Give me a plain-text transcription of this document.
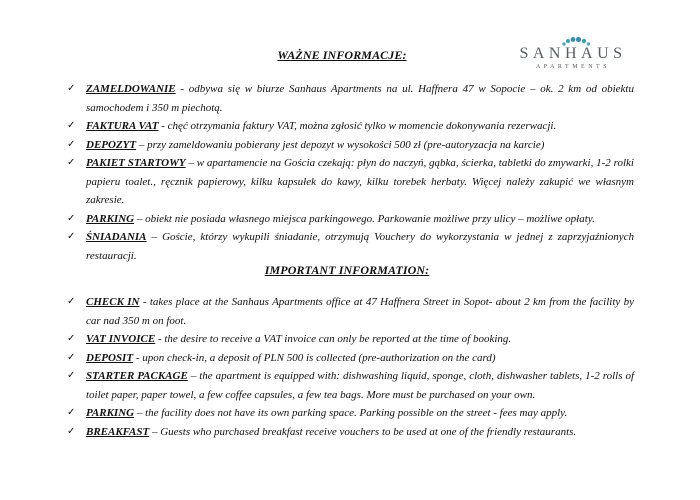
SANHAUS
APARTMENTS
WAŻNE INFORMACJE:
✓ ZAMELDOWANIE - odbywa się w biurze Sanhaus Apartments na ul. Haffnera 47 w Sopocie – ok. 2 km od obiektu samochodem i 350 m piechotą.
✓ FAKTURA VAT - chęć otrzymania faktury VAT, można zgłosić tylko w momencie dokonywania rezerwacji.
✓ DEPOZYT – przy zameldowaniu pobierany jest depozyt w wysokości 500 zł (pre-autoryzacja na karcie)
✓ PAKIET STARTOWY – w apartamencie na Gościa czekają: płyn do naczyń, gąbka, ścierka, tabletki do zmywarki, 1-2 rolki papieru toalet., ręcznik papierowy, kilku kapsułek do kawy, kilku torebek herbaty. Więcej należy zakupić we własnym zakresie.
✓ PARKING – obiekt nie posiada własnego miejsca parkingowego. Parkowanie możliwe przy ulicy – możliwe opłaty.
✓ ŚNIADANIA – Goście, którzy wykupili śniadanie, otrzymują Vouchery do wykorzystania w jednej z zaprzyjaźnionych restauracji.
IMPORTANT INFORMATION:
✓ CHECK IN - takes place at the Sanhaus Apartments office at 47 Haffnera Street in Sopot- about 2 km from the facility by car nad 350 m on foot.
✓ VAT INVOICE - the desire to receive a VAT invoice can only be reported at the time of booking.
✓ DEPOSIT - upon check-in, a deposit of PLN 500 is collected (pre-authorization on the card)
✓ STARTER PACKAGE – the apartment is equipped with: dishwashing liquid, sponge, cloth, dishwasher tablets, 1-2 rolls of toilet paper, paper towel, a few coffee capsules, a few tea bags. More must be purchased on your own.
✓ PARKING – the facility does not have its own parking space. Parking possible on the street - fees may apply.
✓ BREAKFAST – Guests who purchased breakfast receive vouchers to be used at one of the friendly restaurants.
